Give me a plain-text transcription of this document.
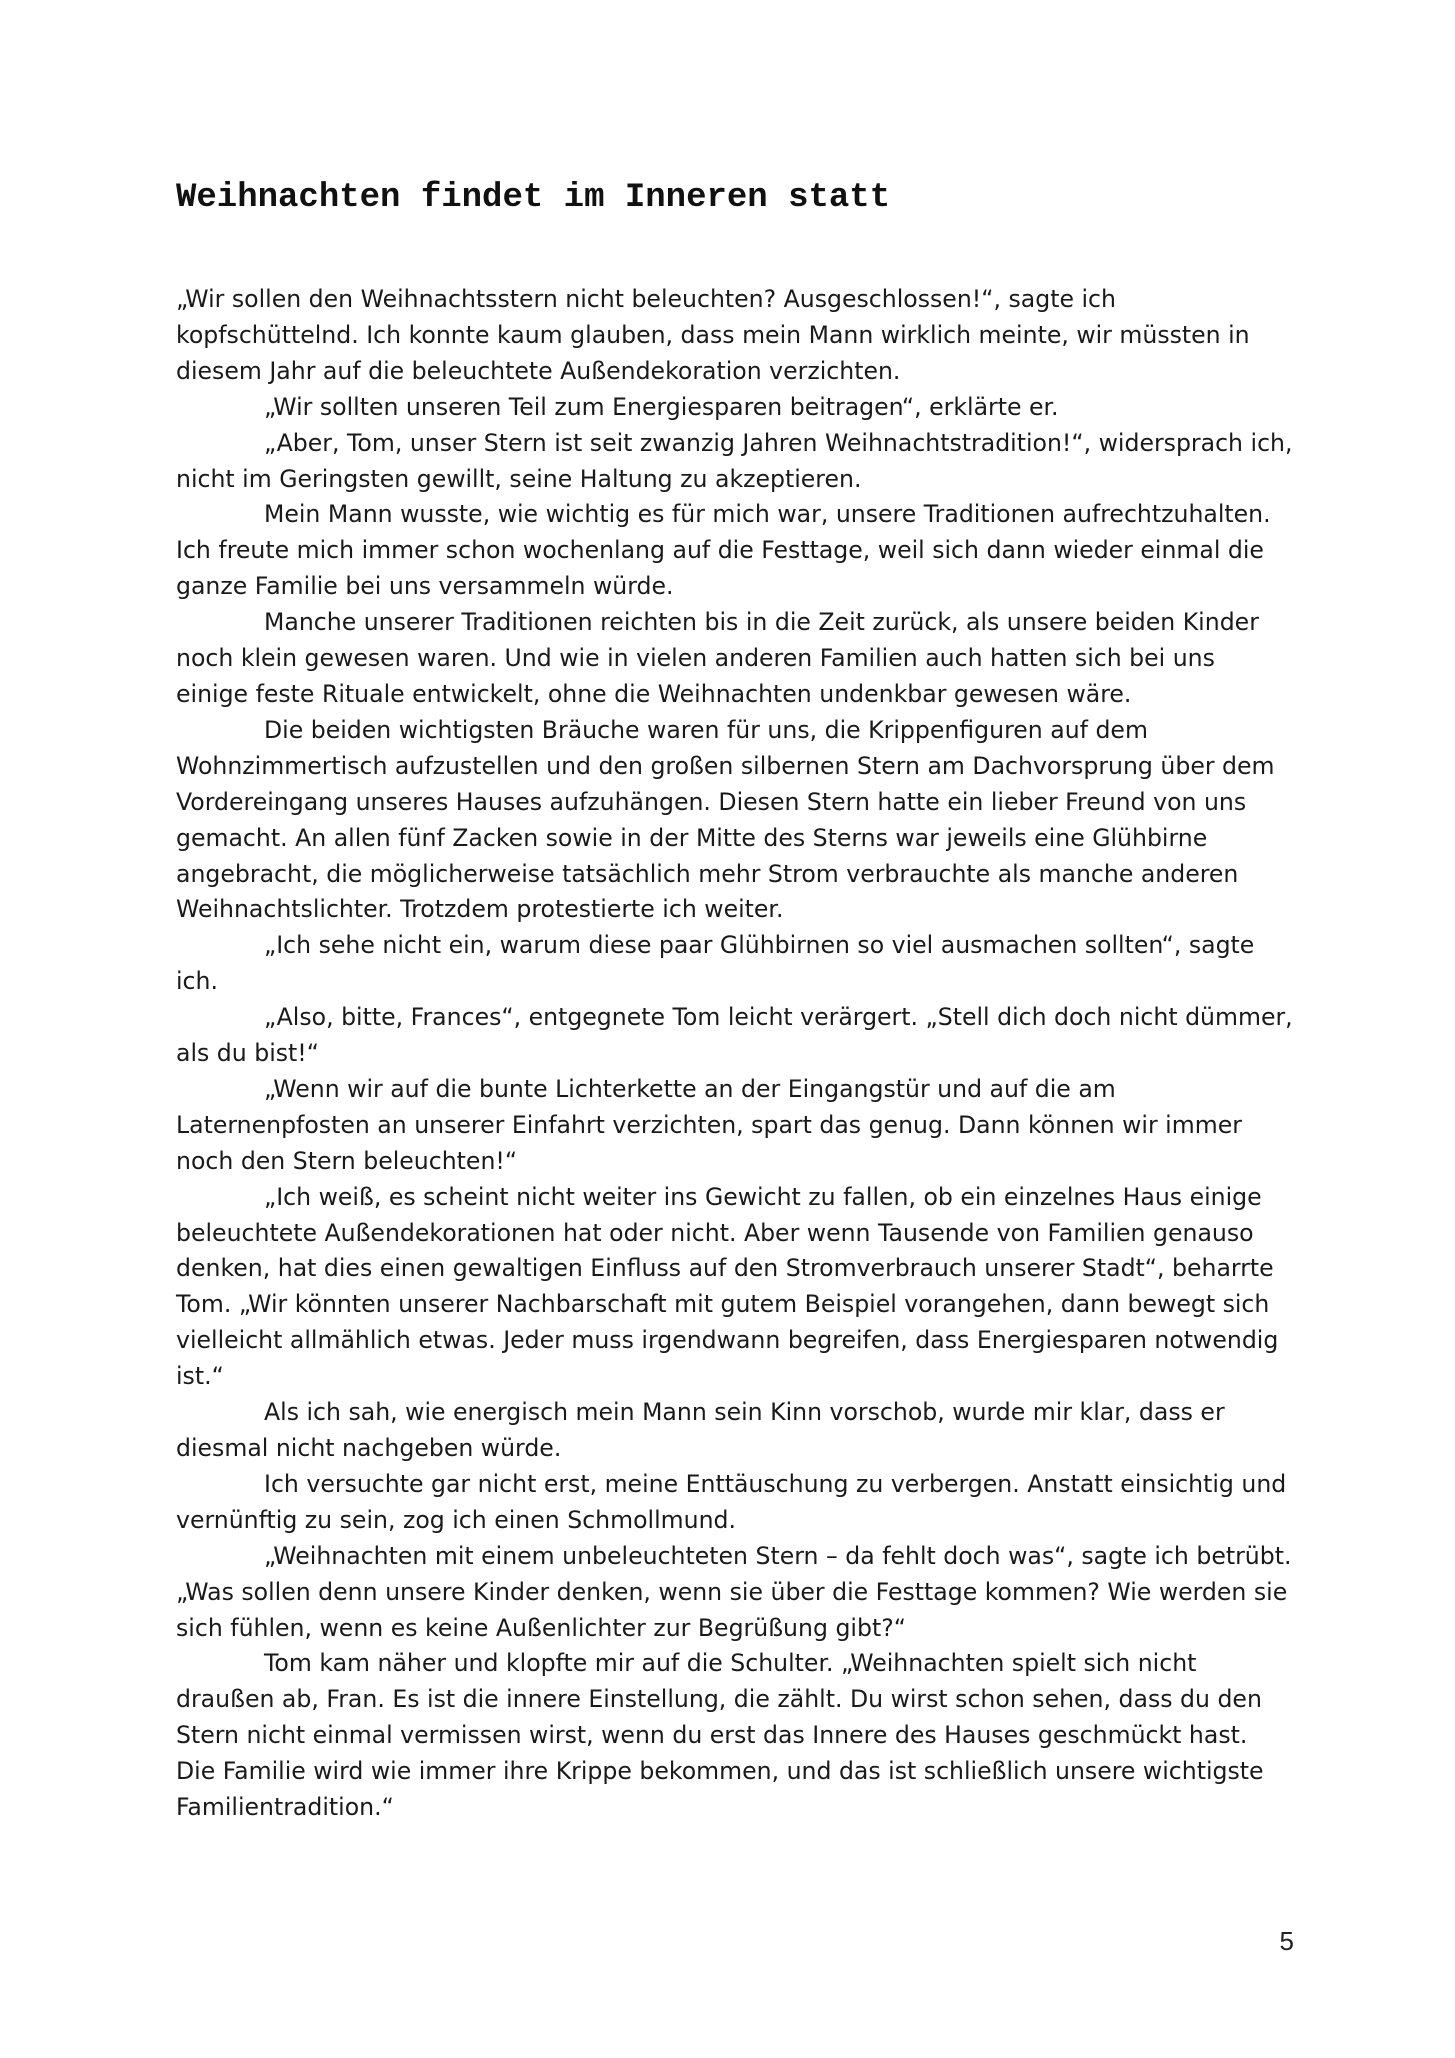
Weihnachten findet im Inneren statt

„Wir sollen den Weihnachtsstern nicht beleuchten? Ausgeschlossen!“, sagte ich kopfschüttelnd. Ich konnte kaum glauben, dass mein Mann wirklich meinte, wir müssten in diesem Jahr auf die beleuchtete Außendekoration verzichten.

„Wir sollten unseren Teil zum Energiesparen beitragen“, erklärte er.

„Aber, Tom, unser Stern ist seit zwanzig Jahren Weihnachtstradition!“, widersprach ich, nicht im Geringsten gewillt, seine Haltung zu akzeptieren.

Mein Mann wusste, wie wichtig es für mich war, unsere Traditionen aufrechtzuhalten. Ich freute mich immer schon wochenlang auf die Festtage, weil sich dann wieder einmal die ganze Familie bei uns versammeln würde.

Manche unserer Traditionen reichten bis in die Zeit zurück, als unsere beiden Kinder noch klein gewesen waren. Und wie in vielen anderen Familien auch hatten sich bei uns einige feste Rituale entwickelt, ohne die Weihnachten undenkbar gewesen wäre.

Die beiden wichtigsten Bräuche waren für uns, die Krippenfiguren auf dem Wohnzimmertisch aufzustellen und den großen silbernen Stern am Dachvorsprung über dem Vordereingang unseres Hauses aufzuhängen. Diesen Stern hatte ein lieber Freund von uns gemacht. An allen fünf Zacken sowie in der Mitte des Sterns war jeweils eine Glühbirne angebracht, die möglicherweise tatsächlich mehr Strom verbrauchte als manche anderen Weihnachtslichter. Trotzdem protestierte ich weiter.

„Ich sehe nicht ein, warum diese paar Glühbirnen so viel ausmachen sollten“, sagte ich.

„Also, bitte, Frances“, entgegnete Tom leicht verärgert. „Stell dich doch nicht dümmer, als du bist!“

„Wenn wir auf die bunte Lichterkette an der Eingangstür und auf die am Laternenpfosten an unserer Einfahrt verzichten, spart das genug. Dann können wir immer noch den Stern beleuchten!“

„Ich weiß, es scheint nicht weiter ins Gewicht zu fallen, ob ein einzelnes Haus einige beleuchtete Außendekorationen hat oder nicht. Aber wenn Tausende von Familien genauso denken, hat dies einen gewaltigen Einfluss auf den Stromverbrauch unserer Stadt“, beharrte Tom. „Wir könnten unserer Nachbarschaft mit gutem Beispiel vorangehen, dann bewegt sich vielleicht allmählich etwas. Jeder muss irgendwann begreifen, dass Energiesparen notwendig ist.“

Als ich sah, wie energisch mein Mann sein Kinn vorschob, wurde mir klar, dass er diesmal nicht nachgeben würde.

Ich versuchte gar nicht erst, meine Enttäuschung zu verbergen. Anstatt einsichtig und vernünftig zu sein, zog ich einen Schmollmund.

„Weihnachten mit einem unbeleuchteten Stern – da fehlt doch was“, sagte ich betrübt. „Was sollen denn unsere Kinder denken, wenn sie über die Festtage kommen? Wie werden sie sich fühlen, wenn es keine Außenlichter zur Begrüßung gibt?“

Tom kam näher und klopfte mir auf die Schulter. „Weihnachten spielt sich nicht draußen ab, Fran. Es ist die innere Einstellung, die zählt. Du wirst schon sehen, dass du den Stern nicht einmal vermissen wirst, wenn du erst das Innere des Hauses geschmückt hast. Die Familie wird wie immer ihre Krippe bekommen, und das ist schließlich unsere wichtigste Familientradition.“

5
